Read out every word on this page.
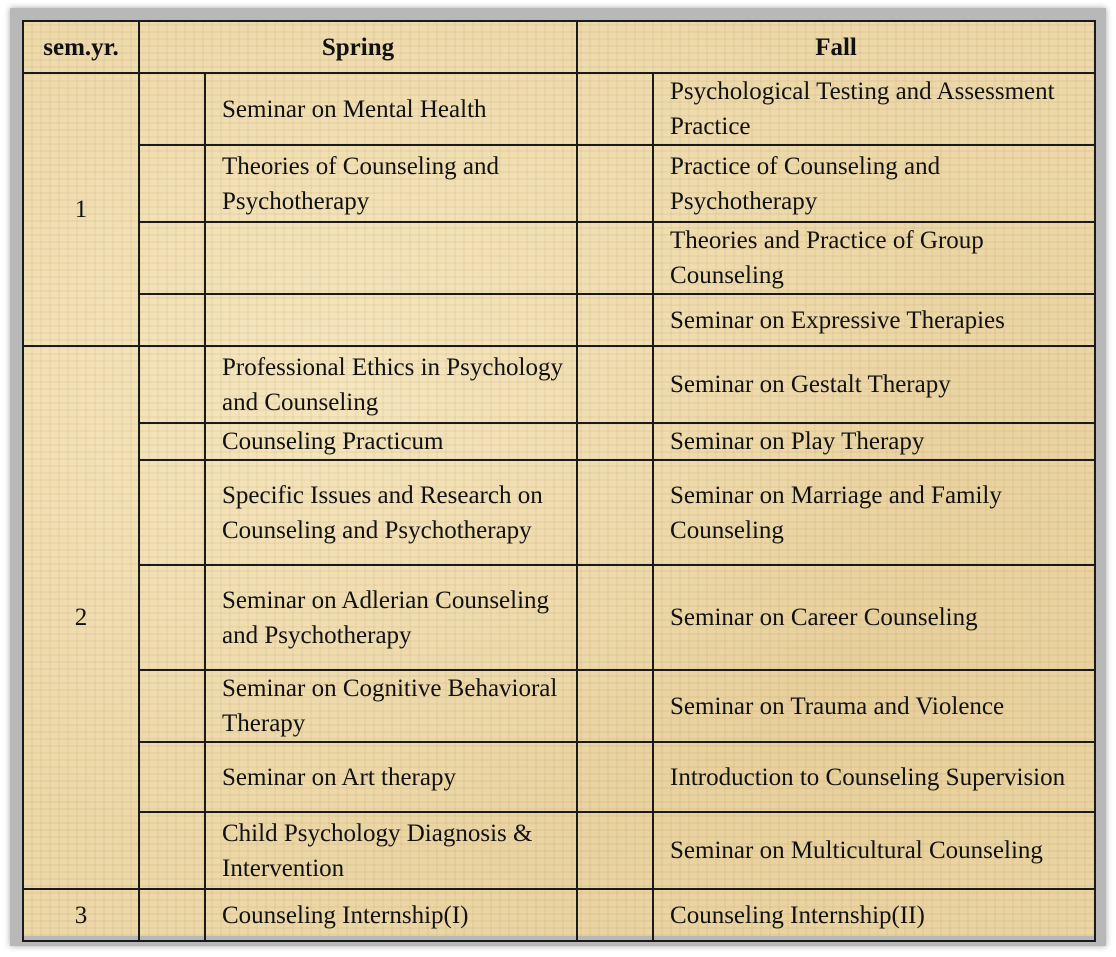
sem.yr.	Spring		Fall	
1		Seminar on Mental Health		Psychological Testing and Assessment Practice
		Theories of Counseling and Psychotherapy		Practice of Counseling and Psychotherapy
				Theories and Practice of Group Counseling
				Seminar on Expressive Therapies
2		Professional Ethics in Psychology and Counseling		Seminar on Gestalt Therapy
		Counseling Practicum		Seminar on Play Therapy
		Specific Issues and Research on Counseling and Psychotherapy		Seminar on Marriage and Family Counseling
		Seminar on Adlerian Counseling and Psychotherapy		Seminar on Career Counseling
		Seminar on Cognitive Behavioral Therapy		Seminar on Trauma and Violence
		Seminar on Art therapy		Introduction to Counseling Supervision
		Child Psychology Diagnosis & Intervention		Seminar on Multicultural Counseling
3		Counseling Internship(I)		Counseling Internship(II)
